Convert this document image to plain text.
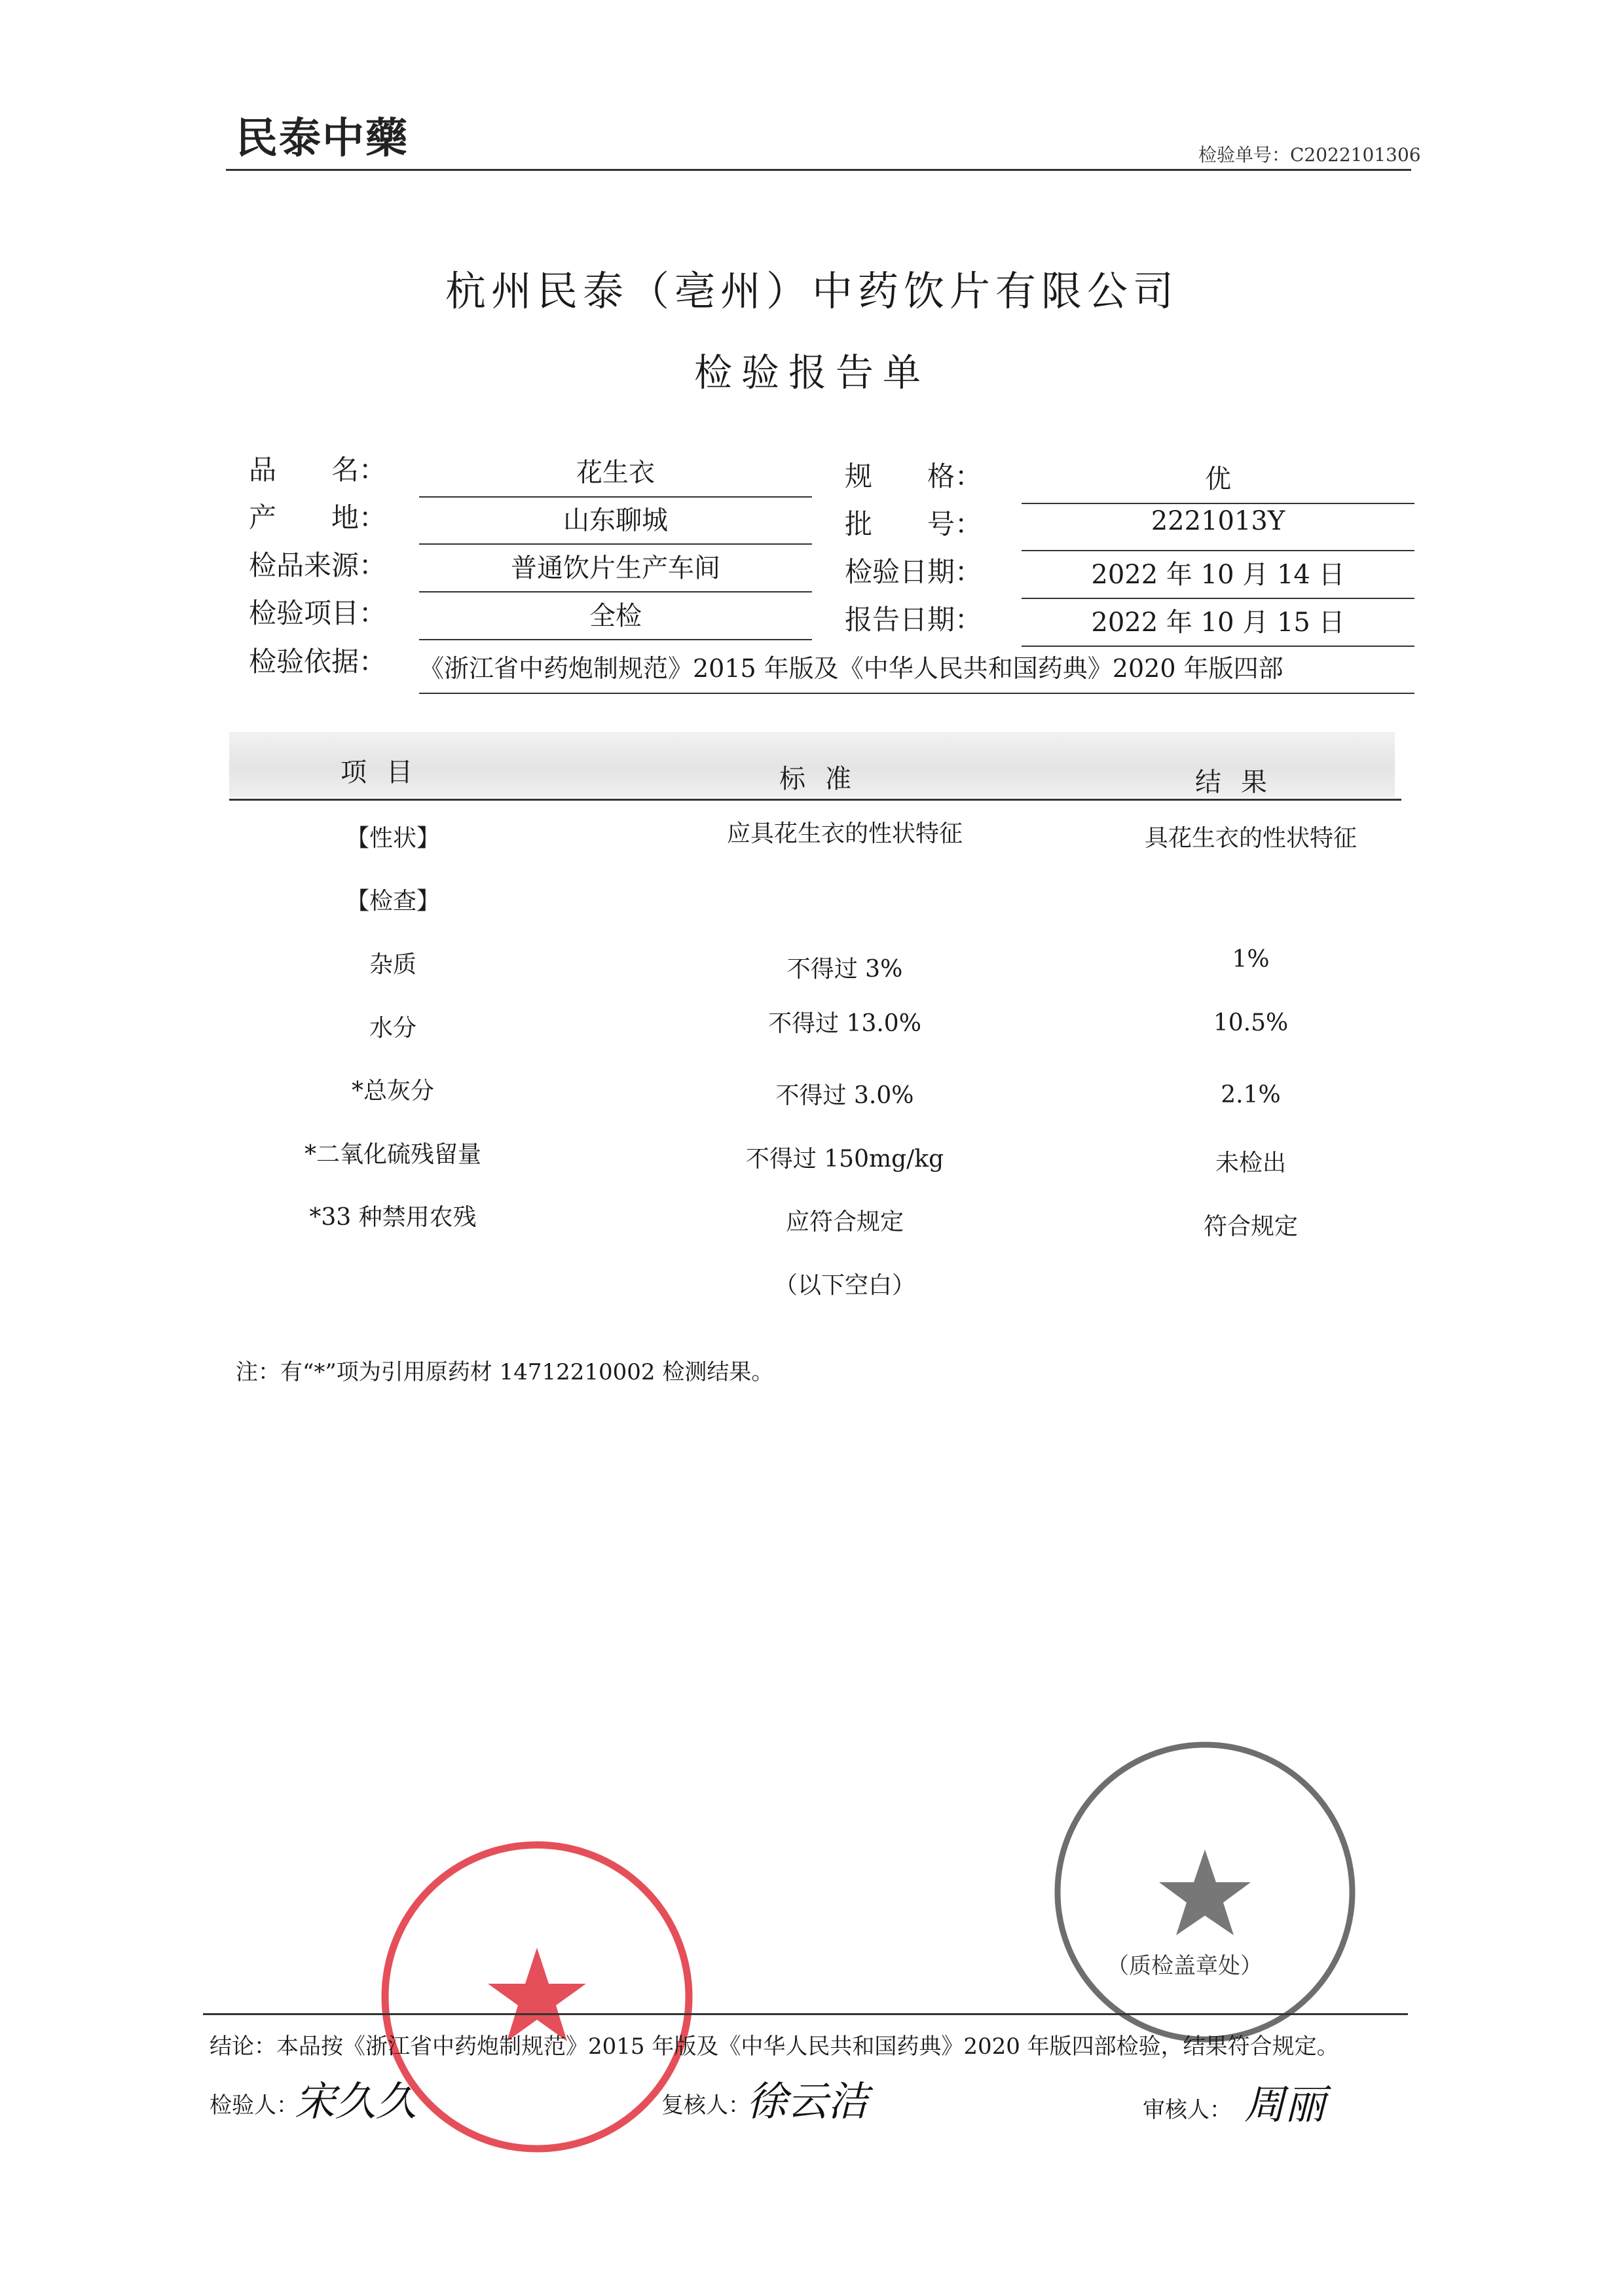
民泰中藥	检验单号：C2022101306
杭州民泰（亳州）中药饮片有限公司
检验报告单
品　　名：	花生衣
产　　地：	山东聊城
检品来源：	普通饮片生产车间
检验项目：	全检
规　　格：	优
批　　号：	2221013Y
检验日期：	2022 年 10 月 14 日
报告日期：	2022 年 10 月 15 日
检验依据： 《浙江省中药炮制规范》2015 年版及《中华人民共和国药典》2020 年版四部
项目	标准	结果
【性状】	应具花生衣的性状特征	具花生衣的性状特征
【检查】
杂质	不得过 3%	1%
水分	不得过 13.0%	10.5%
*总灰分	不得过 3.0%	2.1%
*二氧化硫残留量	不得过 150mg/kg	未检出
*33 种禁用农残	应符合规定	符合规定
（以下空白）
注：有“*”项为引用原药材 14712210002 检测结果。
（质检盖章处）
结论：本品按《浙江省中药炮制规范》2015 年版及《中华人民共和国药典》2020 年版四部检验，结果符合规定。
检验人：
宋久久	复核人：
徐云洁	审核人： 周丽
